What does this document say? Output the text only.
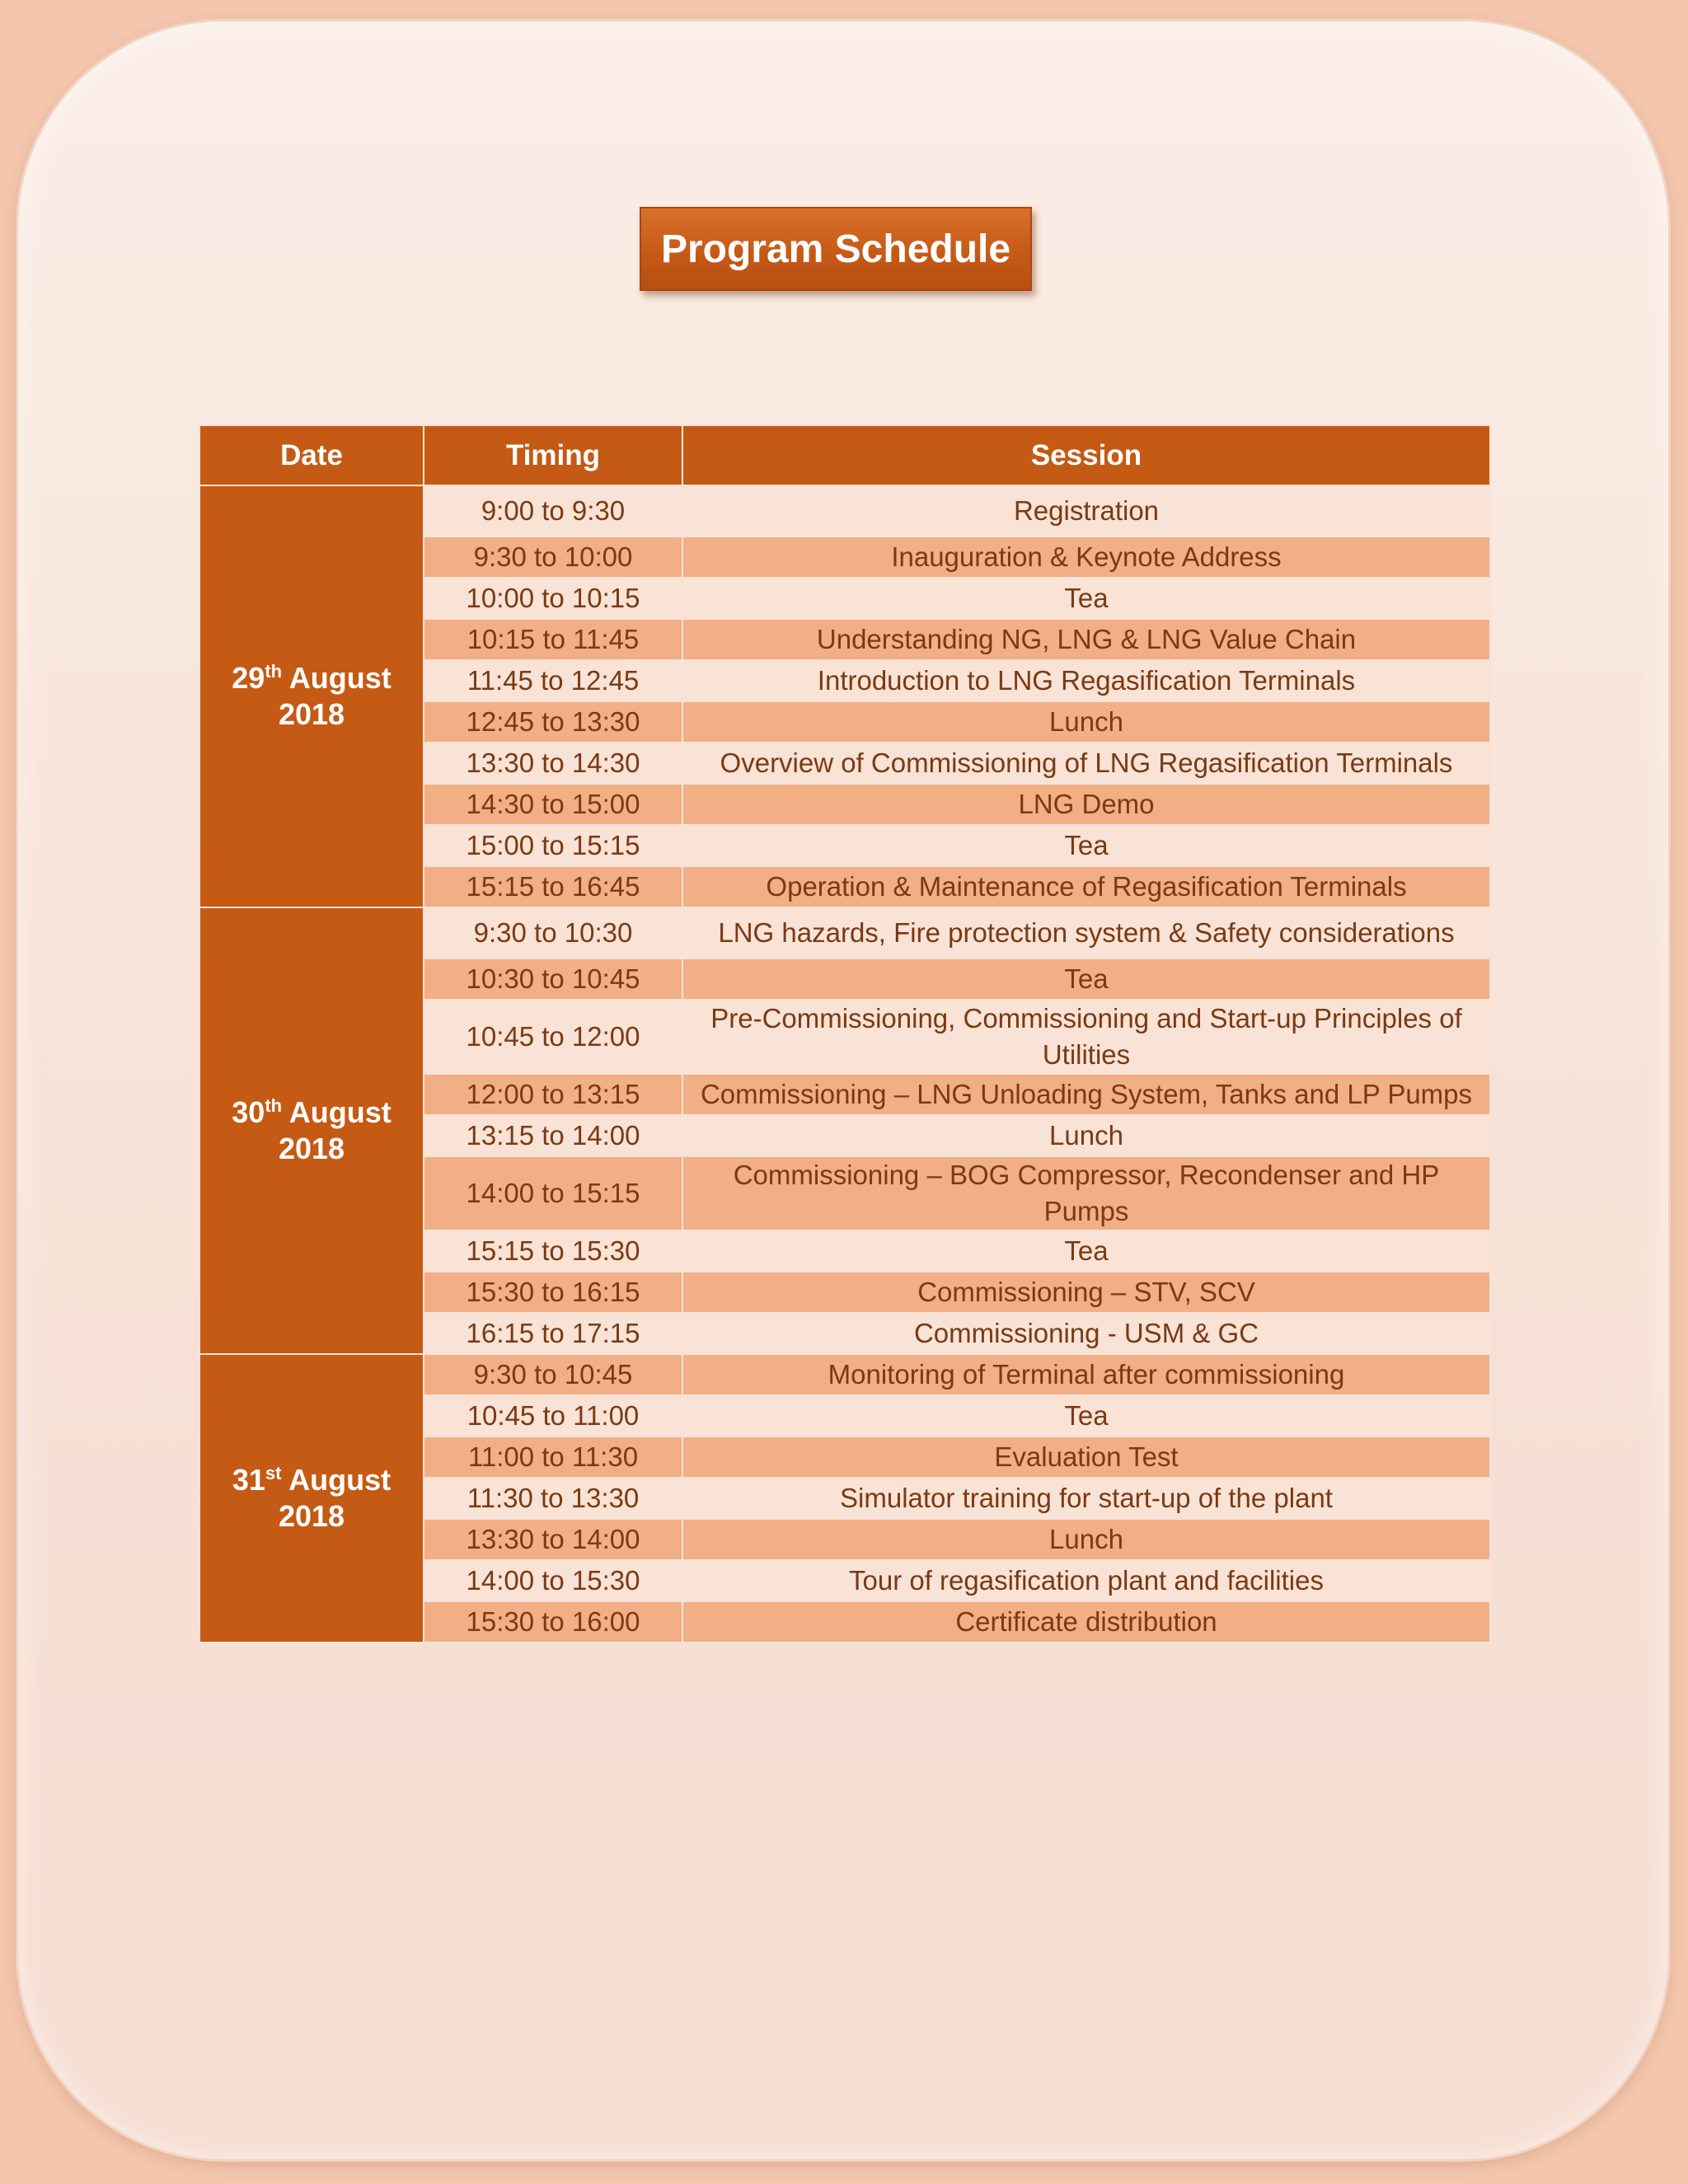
Program Schedule
Date	Timing	Session
29th August
2018	9:00 to 9:30	Registration
	9:30 to 10:00	Inauguration & Keynote Address
	10:00 to 10:15	Tea
	10:15 to 11:45	Understanding NG, LNG & LNG Value Chain
	11:45 to 12:45	Introduction to LNG Regasification Terminals
	12:45 to 13:30	Lunch
	13:30 to 14:30	Overview of Commissioning of LNG Regasification Terminals
	14:30 to 15:00	LNG Demo
	15:00 to 15:15	Tea
	15:15 to 16:45	Operation & Maintenance of Regasification Terminals
30th August
2018	9:30 to 10:30	LNG hazards, Fire protection system & Safety considerations
	10:30 to 10:45	Tea
	10:45 to 12:00	Pre-Commissioning, Commissioning and Start-up Principles of Utilities
	12:00 to 13:15	Commissioning – LNG Unloading System, Tanks and LP Pumps
	13:15 to 14:00	Lunch
	14:00 to 15:15	Commissioning – BOG Compressor, Recondenser and HP Pumps
	15:15 to 15:30	Tea
	15:30 to 16:15	Commissioning – STV, SCV
	16:15 to 17:15	Commissioning - USM & GC
31st August
2018	9:30 to 10:45	Monitoring of Terminal after commissioning
	10:45 to 11:00	Tea
	11:00 to 11:30	Evaluation Test
	11:30 to 13:30	Simulator training for start-up of the plant
	13:30 to 14:00	Lunch
	14:00 to 15:30	Tour of regasification plant and facilities
	15:30 to 16:00	Certificate distribution
